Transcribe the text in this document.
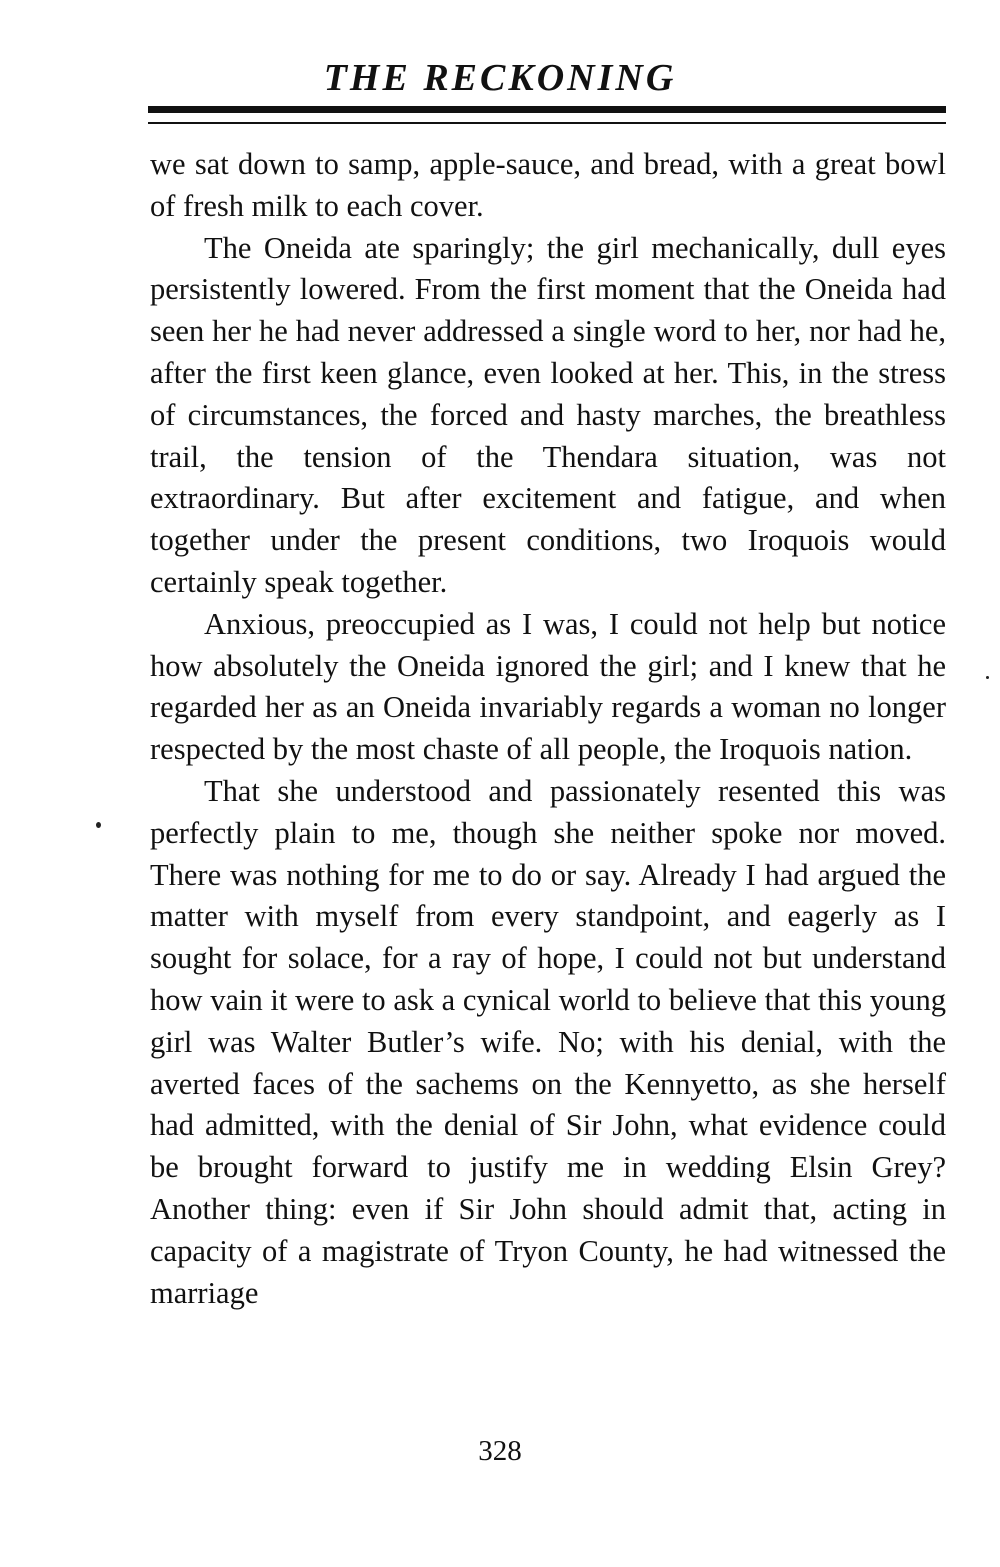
THE RECKONING

we sat down to samp, apple-sauce, and bread, with a great bowl of fresh milk to each cover.

The Oneida ate sparingly; the girl mechanically, dull eyes persistently lowered. From the first moment that the Oneida had seen her he had never addressed a single word to her, nor had he, after the first keen glance, even looked at her. This, in the stress of circumstances, the forced and hasty marches, the breathless trail, the tension of the Thendara situation, was not extraordinary. But after excitement and fatigue, and when together under the present conditions, two Iroquois would certainly speak together.

Anxious, preoccupied as I was, I could not help but notice how absolutely the Oneida ignored the girl; and I knew that he regarded her as an Oneida invariably regards a woman no longer respected by the most chaste of all people, the Iroquois nation.

That she understood and passionately resented this was perfectly plain to me, though she neither spoke nor moved. There was nothing for me to do or say. Already I had argued the matter with myself from every standpoint, and eagerly as I sought for solace, for a ray of hope, I could not but understand how vain it were to ask a cynical world to believe that this young girl was Walter Butler’s wife. No; with his denial, with the averted faces of the sachems on the Kennyetto, as she herself had admitted, with the denial of Sir John, what evidence could be brought forward to justify me in wedding Elsin Grey? Another thing: even if Sir John should admit that, acting in capacity of a magistrate of Tryon County, he had witnessed the marriage

328
